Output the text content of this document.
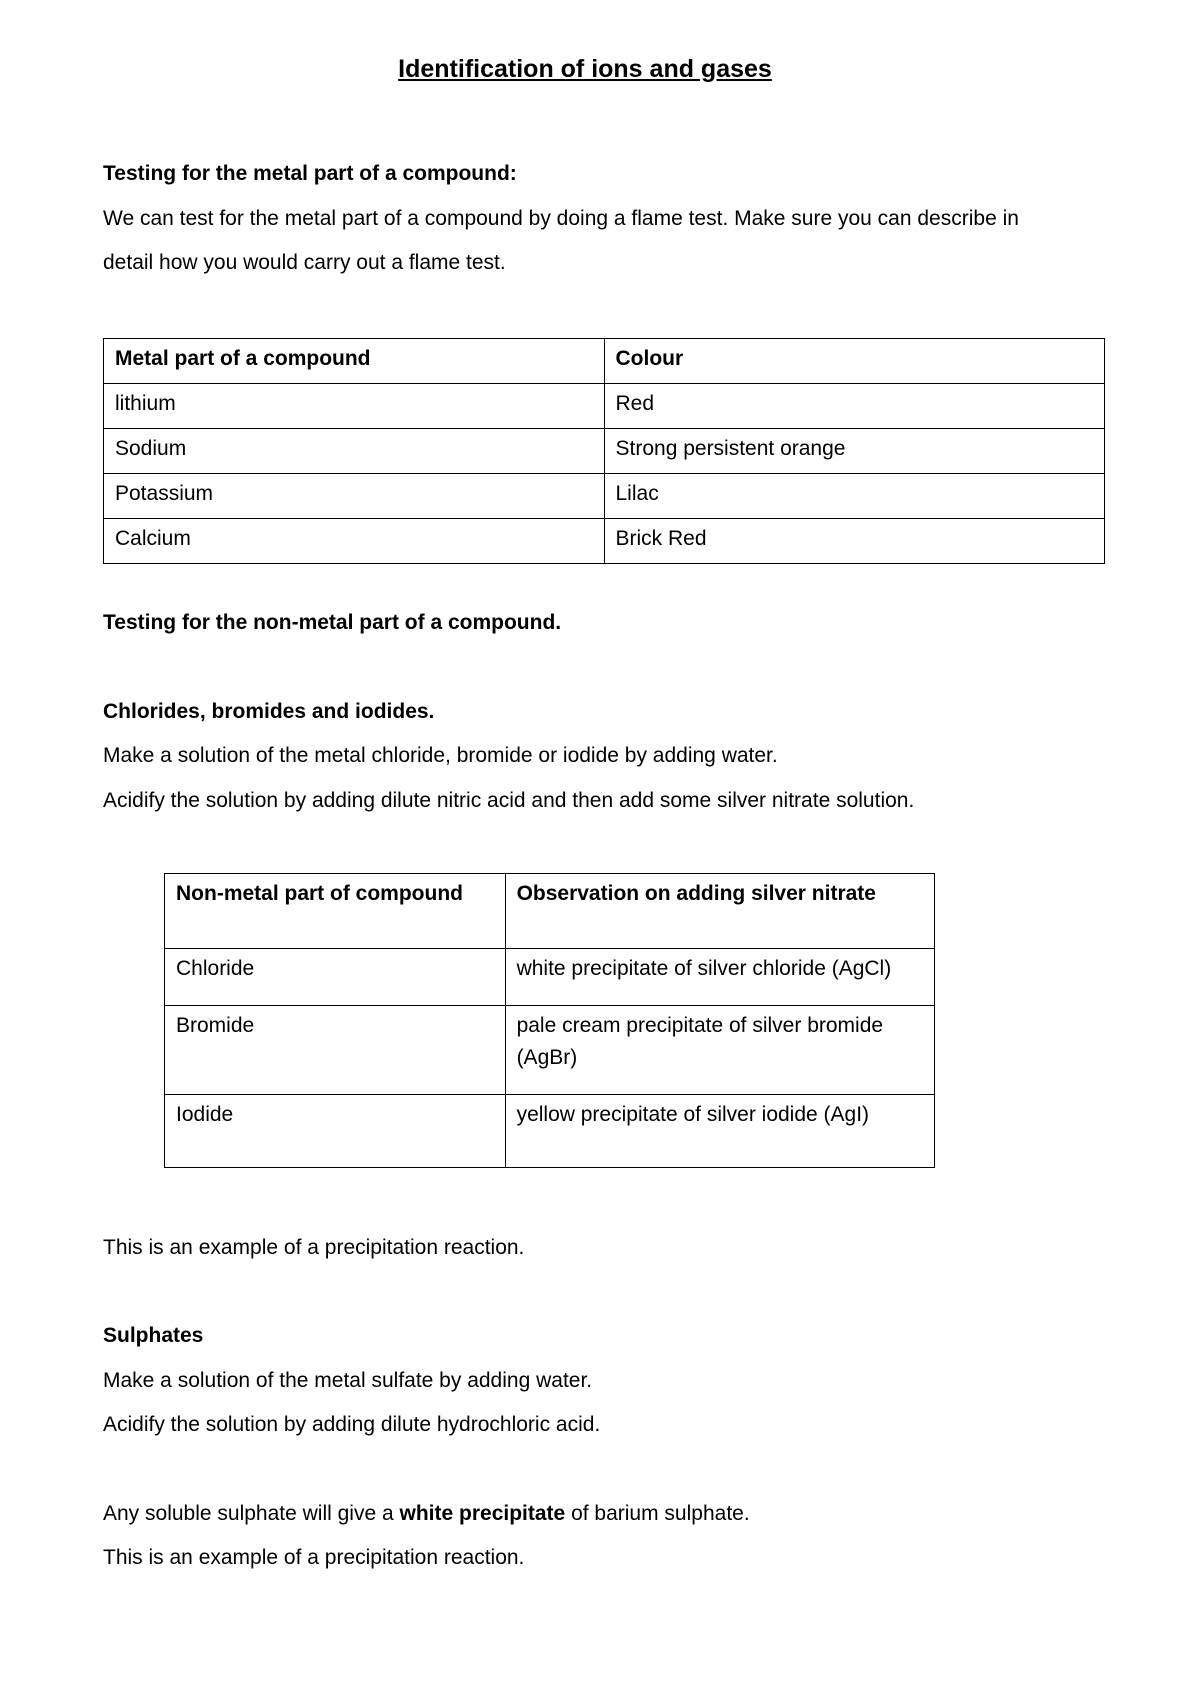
Identification of ions and gases

Testing for the metal part of a compound:

We can test for the metal part of a compound by doing a flame test. Make sure you can describe in

detail how you would carry out a flame test.

Metal part of a compound	Colour
lithium	Red
Sodium	Strong persistent orange
Potassium	Lilac
Calcium	Brick Red

Testing for the non-metal part of a compound.

Chlorides, bromides and iodides.

Make a solution of the metal chloride, bromide or iodide by adding water.

Acidify the solution by adding dilute nitric acid and then add some silver nitrate solution.

Non-metal part of compound	Observation on adding silver nitrate
Chloride	white precipitate of silver chloride (AgCl)
Bromide	pale cream precipitate of silver bromide (AgBr)
Iodide	yellow precipitate of silver iodide (AgI)

This is an example of a precipitation reaction.

Sulphates

Make a solution of the metal sulfate by adding water.

Acidify the solution by adding dilute hydrochloric acid.

Any soluble sulphate will give a white precipitate of barium sulphate.

This is an example of a precipitation reaction.
